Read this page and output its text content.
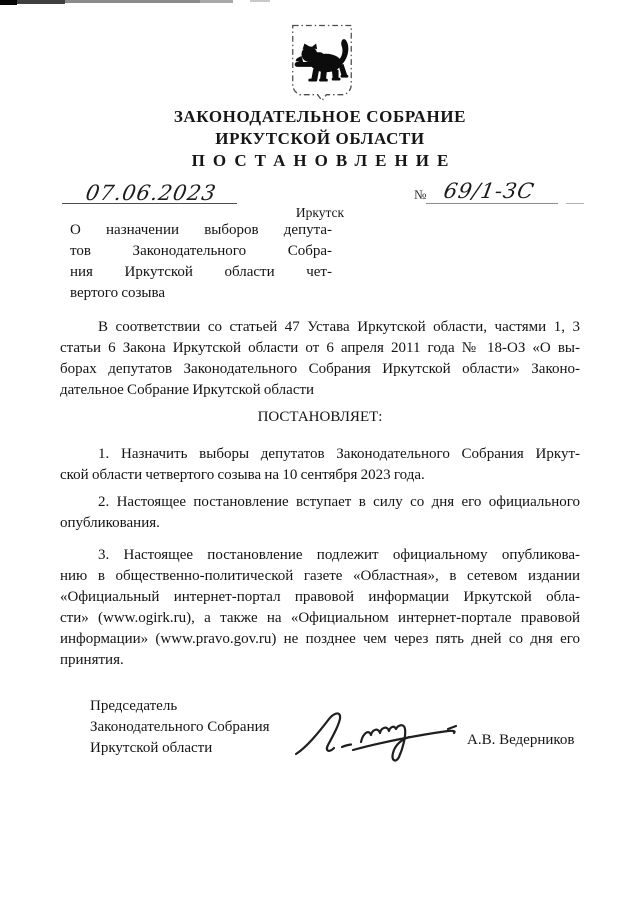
ЗАКОНОДАТЕЛЬНОЕ СОБРАНИЕ
ИРКУТСКОЙ ОБЛАСТИ
ПОСТАНОВЛЕНИЕ
07.06.2023	№ 69/1-ЗС
Иркутск
О назначении выборов депута-
тов Законодательного Собра-
ния Иркутской области чет-
вертого созыва
В соответствии со статьей 47 Устава Иркутской области, частями 1, 3
статьи 6 Закона Иркутской области от 6 апреля 2011 года № 18-ОЗ «О вы-
борах депутатов Законодательного Собрания Иркутской области» Законо-
дательное Собрание Иркутской области
ПОСТАНОВЛЯЕТ:
1. Назначить выборы депутатов Законодательного Собрания Иркут-
ской области четвертого созыва на 10 сентября 2023 года.
2. Настоящее постановление вступает в силу со дня его официального
опубликования.
3. Настоящее постановление подлежит официальному опубликова-
нию в общественно-политической газете «Областная», в сетевом издании
«Официальный интернет-портал правовой информации Иркутской обла-
сти» (www.ogirk.ru), а также на «Официальном интернет-портале правовой
информации» (www.pravo.gov.ru) не позднее чем через пять дней со дня его
принятия.
Председатель
Законодательного Собрания
Иркутской области	А.В. Ведерников
